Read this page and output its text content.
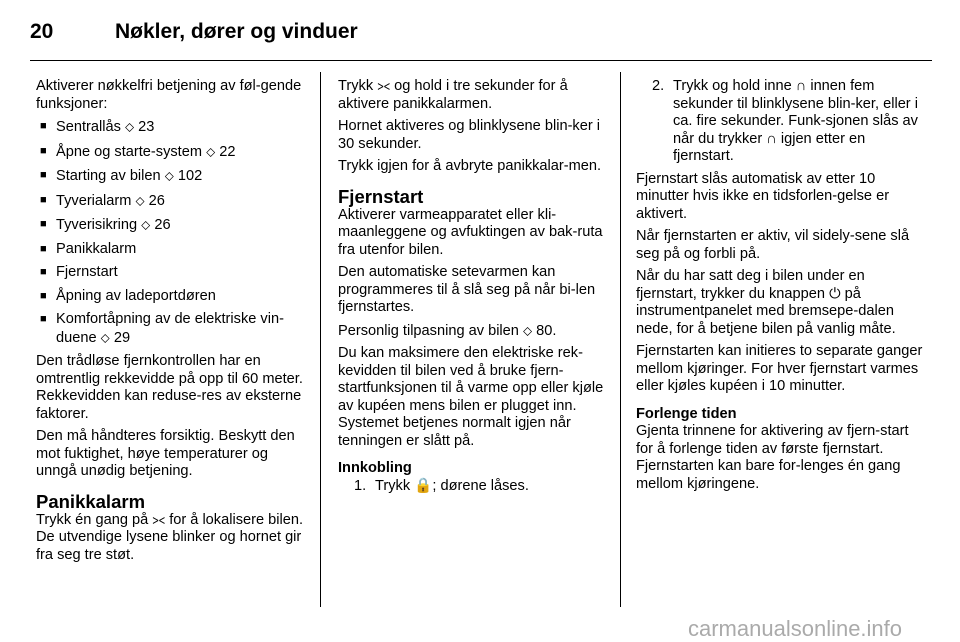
20	Nøkler, dører og vinduer

Aktiverer nøkkelfri betjening av føl-gende funksjoner:

■ Sentrallås ⬦ 23
■ Åpne og starte-system ⬦ 22
■ Starting av bilen ⬦ 102
■ Tyverialarm ⬦ 26
■ Tyverisikring ⬦ 26
■ Panikkalarm
■ Fjernstart
■ Åpning av ladeportdøren
■ Komfortåpning av de elektriske vin-duene ⬦ 29

Den trådløse fjernkontrollen har en omtrentlig rekkevidde på opp til 60 meter. Rekkevidden kan reduse-res av eksterne faktorer.

Den må håndteres forsiktig. Beskytt den mot fuktighet, høye temperaturer og unngå unødig betjening.

Panikkalarm

Trykk én gang på ⪥ for å lokalisere bilen. De utvendige lysene blinker og hornet gir fra seg tre støt.

Trykk ⪥ og hold i tre sekunder for å aktivere panikkalarmen.

Hornet aktiveres og blinklysene blin-ker i 30 sekunder.

Trykk igjen for å avbryte panikkalar-men.

Fjernstart

Aktiverer varmeapparatet eller kli-maanleggene og avfuktingen av bak-ruta fra utenfor bilen.

Den automatiske setevarmen kan programmeres til å slå seg på når bi-len fjernstartes.

Personlig tilpasning av bilen ⬦ 80.

Du kan maksimere den elektriske rek-kevidden til bilen ved å bruke fjern-startfunksjonen til å varme opp eller kjøle av kupéen mens bilen er plugget inn. Systemet betjenes normalt igjen når tenningen er slått på.

Innkobling
1. Trykk 🔒; dørene låses.
2. Trykk og hold inne ∩ innen fem sekunder til blinklysene blin-ker, eller i ca. fire sekunder. Funk-sjonen slås av når du trykker ∩ igjen etter en fjernstart.

Fjernstart slås automatisk av etter 10 minutter hvis ikke en tidsforlen-gelse er aktivert.

Når fjernstarten er aktiv, vil sidely-sene slå seg på og forbli på.

Når du har satt deg i bilen under en fjernstart, trykker du knappen ⏻ på instrumentpanelet med bremsepe-dalen nede, for å betjene bilen på vanlig måte.

Fjernstarten kan initieres to separate ganger mellom kjøringer. For hver fjernstart varmes eller kjøles kupéen i 10 minutter.

Forlenge tiden

Gjenta trinnene for aktivering av fjern-start for å forlenge tiden av første fjernstart. Fjernstarten kan bare for-lenges én gang mellom kjøringene.

carmanualsonline.info
